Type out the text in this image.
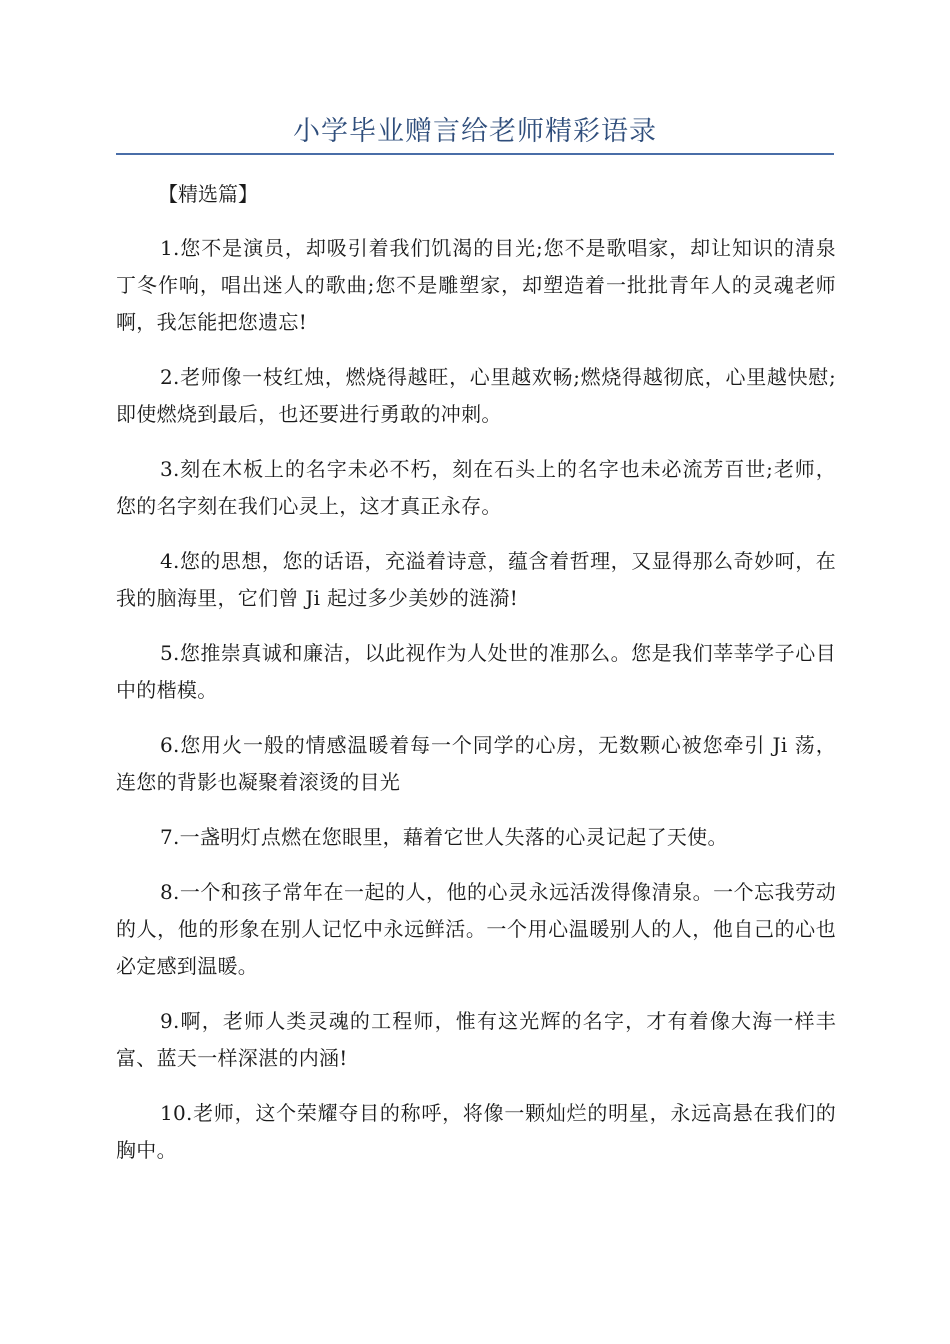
小学毕业赠言给老师精彩语录

【精选篇】

1.您不是演员，却吸引着我们饥渴的目光;您不是歌唱家，却让知识的清泉丁冬作响，唱出迷人的歌曲;您不是雕塑家，却塑造着一批批青年人的灵魂老师啊，我怎能把您遗忘!

2.老师像一枝红烛，燃烧得越旺，心里越欢畅;燃烧得越彻底，心里越快慰;即使燃烧到最后，也还要进行勇敢的冲刺。

3.刻在木板上的名字未必不朽，刻在石头上的名字也未必流芳百世;老师，您的名字刻在我们心灵上，这才真正永存。

4.您的思想，您的话语，充溢着诗意，蕴含着哲理，又显得那么奇妙呵，在我的脑海里，它们曾 Ji 起过多少美妙的涟漪!

5.您推崇真诚和廉洁，以此视作为人处世的准那么。您是我们莘莘学子心目中的楷模。

6.您用火一般的情感温暖着每一个同学的心房，无数颗心被您牵引 Ji 荡，连您的背影也凝聚着滚烫的目光

7.一盏明灯点燃在您眼里，藉着它世人失落的心灵记起了天使。

8.一个和孩子常年在一起的人，他的心灵永远活泼得像清泉。一个忘我劳动的人，他的形象在别人记忆中永远鲜活。一个用心温暖别人的人，他自己的心也必定感到温暖。

9.啊，老师人类灵魂的工程师，惟有这光辉的名字，才有着像大海一样丰富、蓝天一样深湛的内涵!

10.老师，这个荣耀夺目的称呼，将像一颗灿烂的明星，永远高悬在我们的胸中。
